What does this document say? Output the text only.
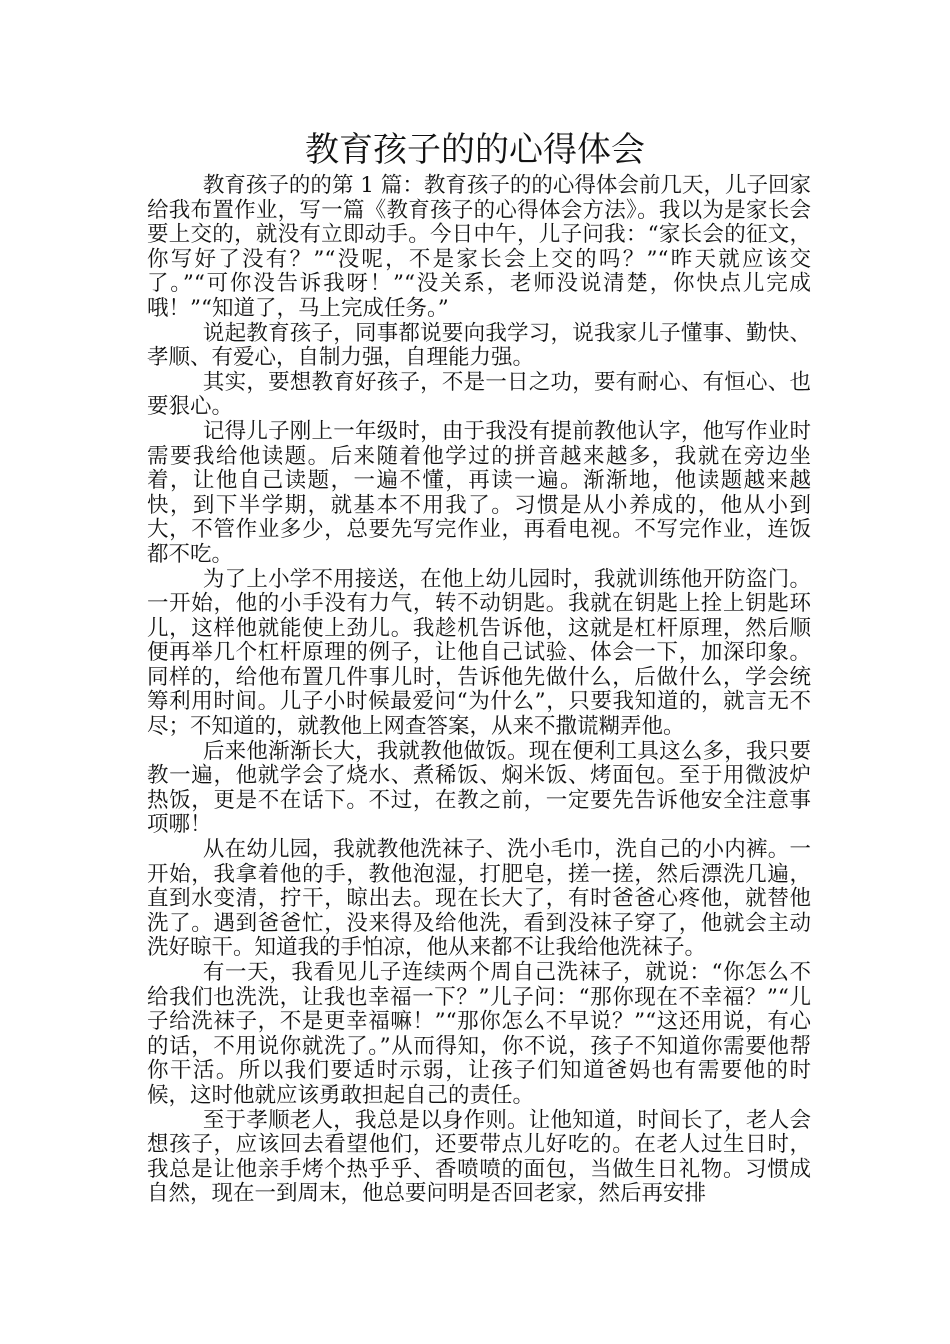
教育孩子的的心得体会

教育孩子的的第 1 篇：教育孩子的的心得体会前几天，儿子回家给我布置作业，写一篇《教育孩子的心得体会方法》。我以为是家长会要上交的，就没有立即动手。今日中午，儿子问我：“家长会的征文，你写好了没有？”“没呢，不是家长会上交的吗？”“昨天就应该交了。”“可你没告诉我呀！”“没关系，老师没说清楚，你快点儿完成哦！”“知道了，马上完成任务。”

说起教育孩子，同事都说要向我学习，说我家儿子懂事、勤快、孝顺、有爱心，自制力强，自理能力强。

其实，要想教育好孩子，不是一日之功，要有耐心、有恒心、也要狠心。

记得儿子刚上一年级时，由于我没有提前教他认字，他写作业时需要我给他读题。后来随着他学过的拼音越来越多，我就在旁边坐着，让他自己读题，一遍不懂，再读一遍。渐渐地，他读题越来越快，到下半学期，就基本不用我了。习惯是从小养成的，他从小到大，不管作业多少，总要先写完作业，再看电视。不写完作业，连饭都不吃。

为了上小学不用接送，在他上幼儿园时，我就训练他开防盗门。一开始，他的小手没有力气，转不动钥匙。我就在钥匙上拴上钥匙环儿，这样他就能使上劲儿。我趁机告诉他，这就是杠杆原理，然后顺便再举几个杠杆原理的例子，让他自己试验、体会一下，加深印象。同样的，给他布置几件事儿时，告诉他先做什么，后做什么，学会统筹利用时间。儿子小时候最爱问“为什么”，只要我知道的，就言无不尽；不知道的，就教他上网查答案，从来不撒谎糊弄他。

后来他渐渐长大，我就教他做饭。现在便利工具这么多，我只要教一遍，他就学会了烧水、煮稀饭、焖米饭、烤面包。至于用微波炉热饭，更是不在话下。不过，在教之前，一定要先告诉他安全注意事项哪！

从在幼儿园，我就教他洗袜子、洗小毛巾，洗自己的小内裤。一开始，我拿着他的手，教他泡湿，打肥皂，搓一搓，然后漂洗几遍，直到水变清，拧干，晾出去。现在长大了，有时爸爸心疼他，就替他洗了。遇到爸爸忙，没来得及给他洗，看到没袜子穿了，他就会主动洗好晾干。知道我的手怕凉，他从来都不让我给他洗袜子。

有一天，我看见儿子连续两个周自己洗袜子，就说：“你怎么不给我们也洗洗，让我也幸福一下？”儿子问：“那你现在不幸福？”“儿子给洗袜子，不是更幸福嘛！”“那你怎么不早说？”“这还用说，有心的话，不用说你就洗了。”从而得知，你不说，孩子不知道你需要他帮你干活。所以我们要适时示弱，让孩子们知道爸妈也有需要他的时候，这时他就应该勇敢担起自己的责任。

至于孝顺老人，我总是以身作则。让他知道，时间长了，老人会想孩子，应该回去看望他们，还要带点儿好吃的。在老人过生日时，我总是让他亲手烤个热乎乎、香喷喷的面包，当做生日礼物。习惯成自然，现在一到周末，他总要问明是否回老家，然后再安排
